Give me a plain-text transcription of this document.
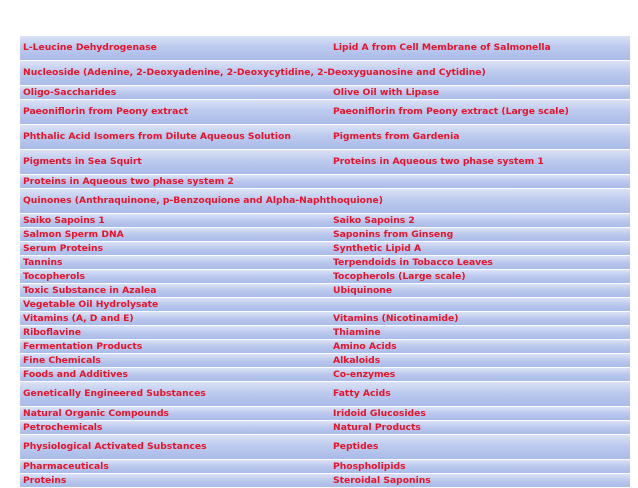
L-Leucine Dehydrogenase	Lipid A from Cell Membrane of Salmonella
Nucleoside (Adenine, 2-Deoxyadenine, 2-Deoxycytidine, 2-Deoxyguanosine and Cytidine)
Oligo-Saccharides	Olive Oil with Lipase
Paeoniflorin from Peony extract	Paeoniflorin from Peony extract (Large scale)
Phthalic Acid Isomers from Dilute Aqueous Solution	Pigments from Gardenia
Pigments in Sea Squirt	Proteins in Aqueous two phase system 1
Proteins in Aqueous two phase system 2
Quinones (Anthraquinone, p-Benzoquione and Alpha-Naphthoquione)
Saiko Sapoins 1	Saiko Sapoins 2
Salmon Sperm DNA	Saponins from Ginseng
Serum Proteins	Synthetic Lipid A
Tannins	Terpendoids in Tobacco Leaves
Tocopherols	Tocopherols (Large scale)
Toxic Substance in Azalea	Ubiquinone
Vegetable Oil Hydrolysate
Vitamins (A, D and E)	Vitamins (Nicotinamide)
Riboflavine	Thiamine
Fermentation Products	Amino Acids
Fine Chemicals	Alkaloids
Foods and Additives	Co-enzymes
Genetically Engineered Substances	Fatty Acids
Natural Organic Compounds	Iridoid Glucosides
Petrochemicals	Natural Products
Physiological Activated Substances	Peptides
Pharmaceuticals	Phospholipids
Proteins	Steroidal Saponins
